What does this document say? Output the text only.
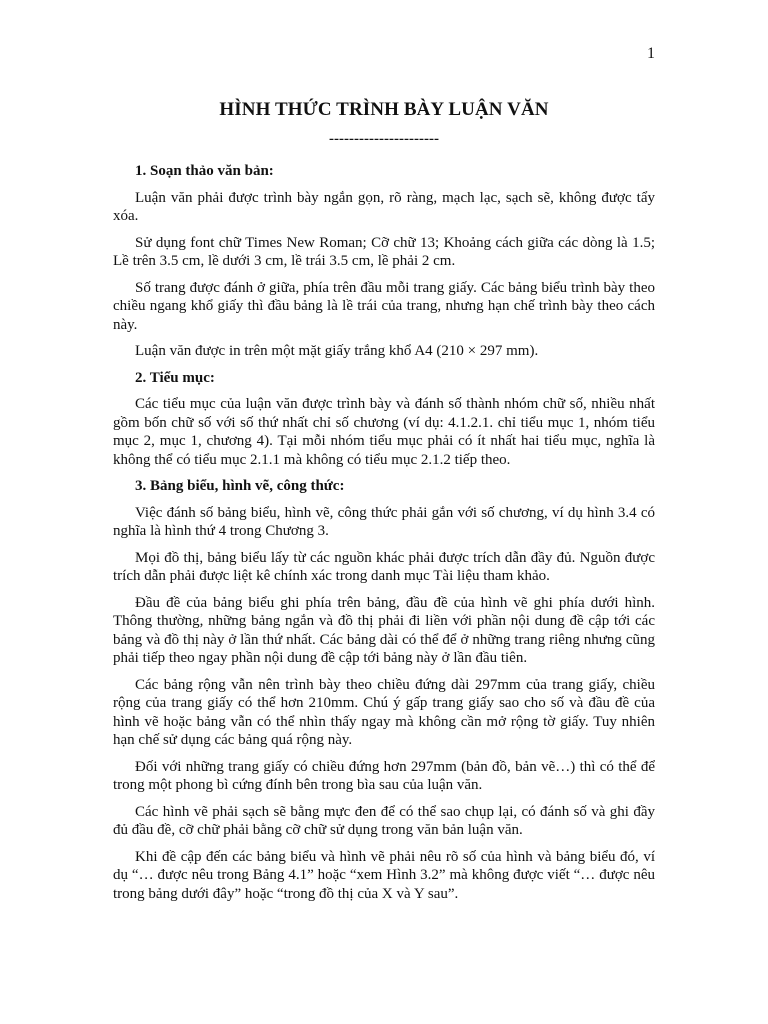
1
HÌNH THỨC TRÌNH BÀY LUẬN VĂN
----------------------
1. Soạn thảo văn bản:

Luận văn phải được trình bày ngắn gọn, rõ ràng, mạch lạc, sạch sẽ, không được tẩy xóa.

Sử dụng font chữ Times New Roman; Cỡ chữ 13; Khoảng cách giữa các dòng là 1.5; Lề trên 3.5 cm, lề dưới 3 cm, lề trái 3.5 cm, lề phải 2 cm.

Số trang được đánh ở giữa, phía trên đầu mỗi trang giấy. Các bảng biểu trình bày theo chiều ngang khổ giấy thì đầu bảng là lề trái của trang, nhưng hạn chế trình bày theo cách này.

Luận văn được in trên một mặt giấy trắng khổ A4 (210 × 297 mm).

2. Tiểu mục:

Các tiểu mục của luận văn được trình bày và đánh số thành nhóm chữ số, nhiều nhất gồm bốn chữ số với số thứ nhất chỉ số chương (ví dụ: 4.1.2.1. chỉ tiểu mục 1, nhóm tiểu mục 2, mục 1, chương 4). Tại mỗi nhóm tiểu mục phải có ít nhất hai tiểu mục, nghĩa là không thể có tiểu mục 2.1.1 mà không có tiểu mục 2.1.2 tiếp theo.

3. Bảng biểu, hình vẽ, công thức:

Việc đánh số bảng biểu, hình vẽ, công thức phải gắn với số chương, ví dụ hình 3.4 có nghĩa là hình thứ 4 trong Chương 3.

Mọi đồ thị, bảng biểu lấy từ các nguồn khác phải được trích dẫn đầy đủ. Nguồn được trích dẫn phải được liệt kê chính xác trong danh mục Tài liệu tham khảo.

Đầu đề của bảng biểu ghi phía trên bảng, đầu đề của hình vẽ ghi phía dưới hình. Thông thường, những bảng ngắn và đồ thị phải đi liền với phần nội dung đề cập tới các bảng và đồ thị này ở lần thứ nhất. Các bảng dài có thể để ở những trang riêng nhưng cũng phải tiếp theo ngay phần nội dung đề cập tới bảng này ở lần đầu tiên.

Các bảng rộng vẫn nên trình bày theo chiều đứng dài 297mm của trang giấy, chiều rộng của trang giấy có thể hơn 210mm. Chú ý gấp trang giấy sao cho số và đầu đề của hình vẽ hoặc bảng vẫn có thể nhìn thấy ngay mà không cần mở rộng tờ giấy. Tuy nhiên hạn chế sử dụng các bảng quá rộng này.

Đối với những trang giấy có chiều đứng hơn 297mm (bản đồ, bản vẽ…) thì có thể để trong một phong bì cứng đính bên trong bìa sau của luận văn.

Các hình vẽ phải sạch sẽ bằng mực đen để có thể sao chụp lại, có đánh số và ghi đầy đủ đầu đề, cỡ chữ phải bằng cỡ chữ sử dụng trong văn bản luận văn.

Khi đề cập đến các bảng biểu và hình vẽ phải nêu rõ số của hình và bảng biểu đó, ví dụ “… được nêu trong Bảng 4.1” hoặc “xem Hình 3.2” mà không được viết “… được nêu trong bảng dưới đây” hoặc “trong đồ thị của X và Y sau”.
